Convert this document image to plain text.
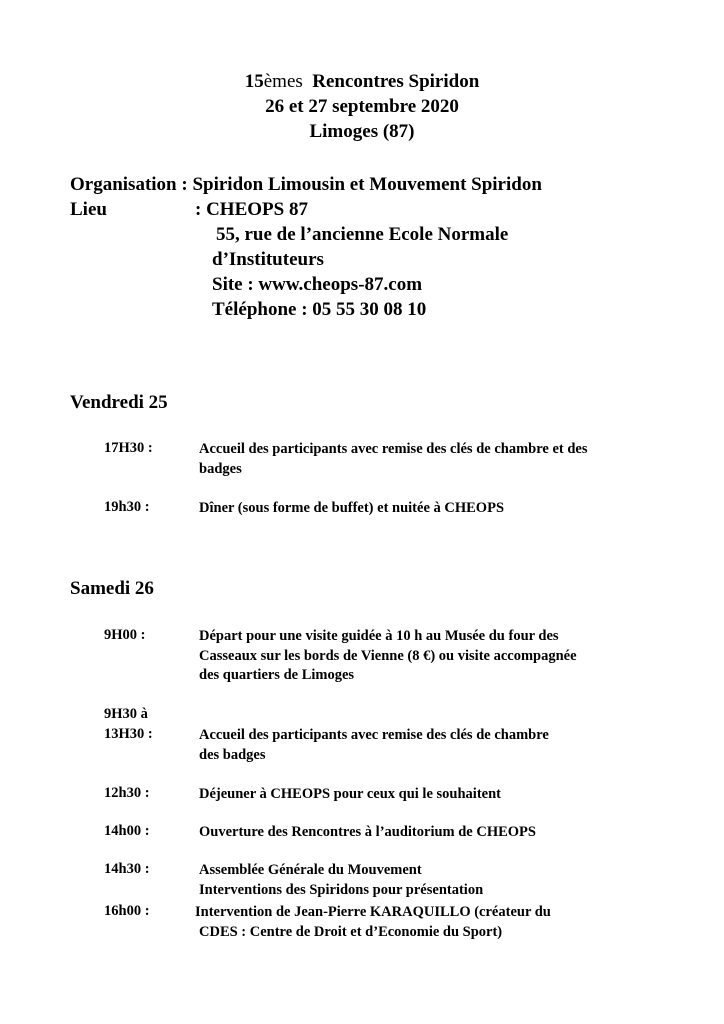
15èmes Rencontres Spiridon
26 et 27 septembre 2020
Limoges (87)
Organisation : Spiridon Limousin et Mouvement Spiridon
Lieu	: CHEOPS 87
55, rue de l’ancienne Ecole Normale
d’Instituteurs
Site : www.cheops-87.com
Téléphone : 05 55 30 08 10
Vendredi 25
17H30 :	Accueil des participants avec remise des clés de chambre et des
badges
19h30 :	Dîner (sous forme de buffet) et nuitée à CHEOPS
Samedi 26
9H00 :	Départ pour une visite guidée à 10 h au Musée du four des
Casseaux sur les bords de Vienne (8 €) ou visite accompagnée
des quartiers de Limoges
9H30 à
13H30 :	Accueil des participants avec remise des clés de chambre
des badges
12h30 :	Déjeuner à CHEOPS pour ceux qui le souhaitent
14h00 :	Ouverture des Rencontres à l’auditorium de CHEOPS
14h30 :	Assemblée Générale du Mouvement
Interventions des Spiridons pour présentation
16h00 :	Intervention de Jean-Pierre KARAQUILLO (créateur du
CDES : Centre de Droit et d’Economie du Sport)
